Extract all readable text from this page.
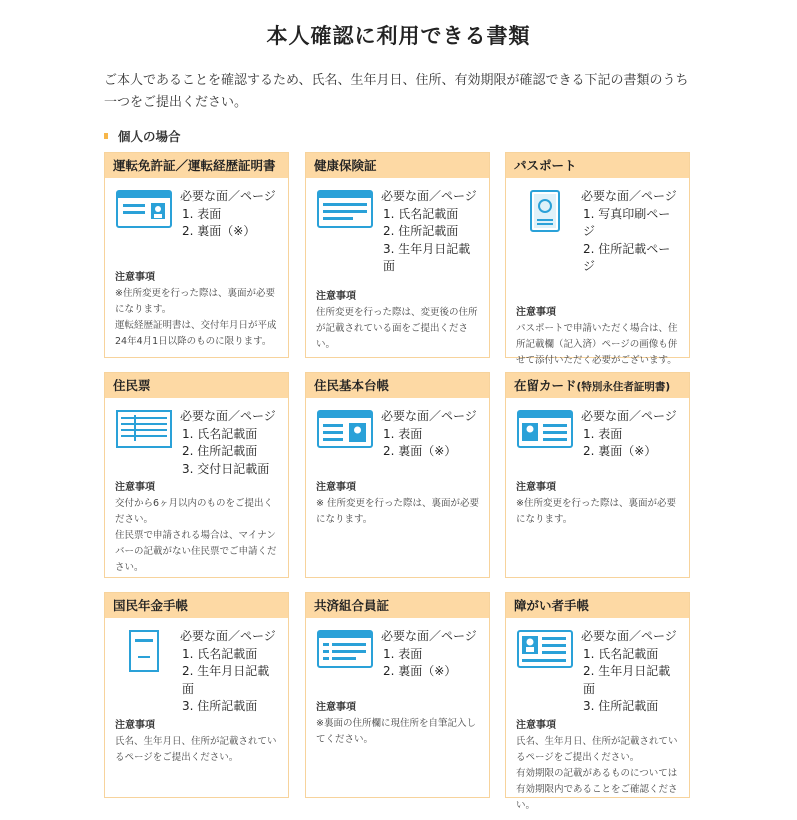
本人確認に利用できる書類

ご本人であることを確認するため、氏名、生年月日、住所、有効期限が確認できる下記の書類のうち一つをご提出ください。

個人の場合
運転免許証／運転経歴証明書
必要な面／ページ
1. 表面
2. 裏面（※）
注意事項
※住所変更を行った際は、裏面が必要になります。
運転経歴証明書は、交付年月日が平成24年4月1日以降のものに限ります。
健康保険証
必要な面／ページ
1. 氏名記載面
2. 住所記載面
3. 生年月日記載面
注意事項
住所変更を行った際は、変更後の住所が記載されている面をご提出ください。
パスポート
必要な面／ページ
1. 写真印刷ページ
2. 住所記載ページ
注意事項
パスポートで申請いただく場合は、住所記載欄（記入済）ページの画像も併せて添付いただく必要がございます。
住民票
必要な面／ページ
1. 氏名記載面
2. 住所記載面
3. 交付日記載面
注意事項
交付から6ヶ月以内のものをご提出ください。
住民票で申請される場合は、マイナンバーの記載がない住民票でご申請ください。
住民基本台帳
必要な面／ページ
1. 表面
2. 裏面（※）
注意事項
※ 住所変更を行った際は、裏面が必要になります。
在留カード(特別永住者証明書)
必要な面／ページ
1. 表面
2. 裏面（※）
注意事項
※住所変更を行った際は、裏面が必要になります。
国民年金手帳
必要な面／ページ
1. 氏名記載面
2. 生年月日記載面
3. 住所記載面
注意事項
氏名、生年月日、住所が記載されているページをご提出ください。
共済組合員証
必要な面／ページ
1. 表面
2. 裏面（※）
注意事項
※裏面の住所欄に現住所を自筆記入してください。
障がい者手帳
必要な面／ページ
1. 氏名記載面
2. 生年月日記載面
3. 住所記載面
注意事項
氏名、生年月日、住所が記載されているページをご提出ください。
有効期限の記載があるものについては有効期限内であることをご確認ください。
